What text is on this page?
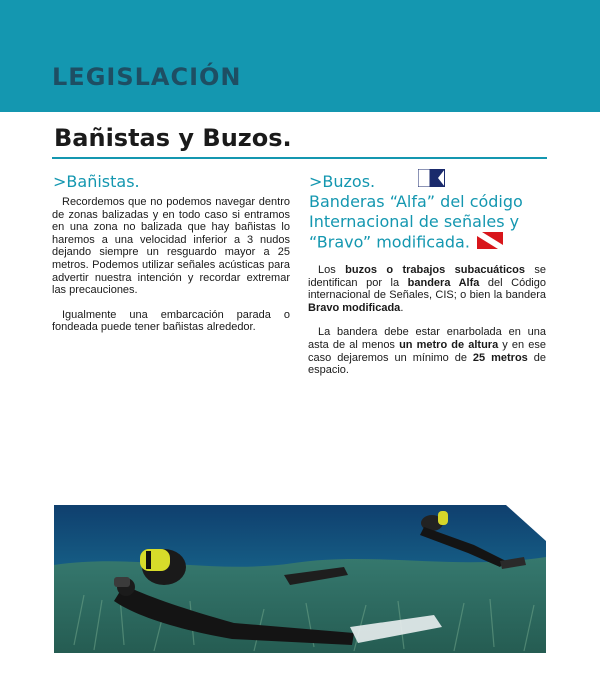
LEGISLACIÓN
Bañistas y Buzos.
>Bañistas.

Recordemos que no podemos navegar dentro de zonas balizadas y en todo caso si entramos en una zona no balizada que hay bañistas lo haremos a una velocidad inferior a 3 nudos dejando siempre un resguardo mayor a 25 metros. Podemos utilizar señales acústicas para advertir nuestra intención y recordar extremar las precauciones.

Igualmente una embarcación parada o fondeada puede tener bañistas alrededor.

>Buzos.
Banderas “Alfa” del código Internacional de señales y “Bravo” modificada.

Los buzos o trabajos subacuáticos se identifican por la bandera Alfa del Código internacional de Señales, CIS; o bien la bandera Bravo modificada.

La bandera debe estar enarbolada en una asta de al menos un metro de altura y en ese caso dejaremos un mínimo de 25 metros de espacio.
